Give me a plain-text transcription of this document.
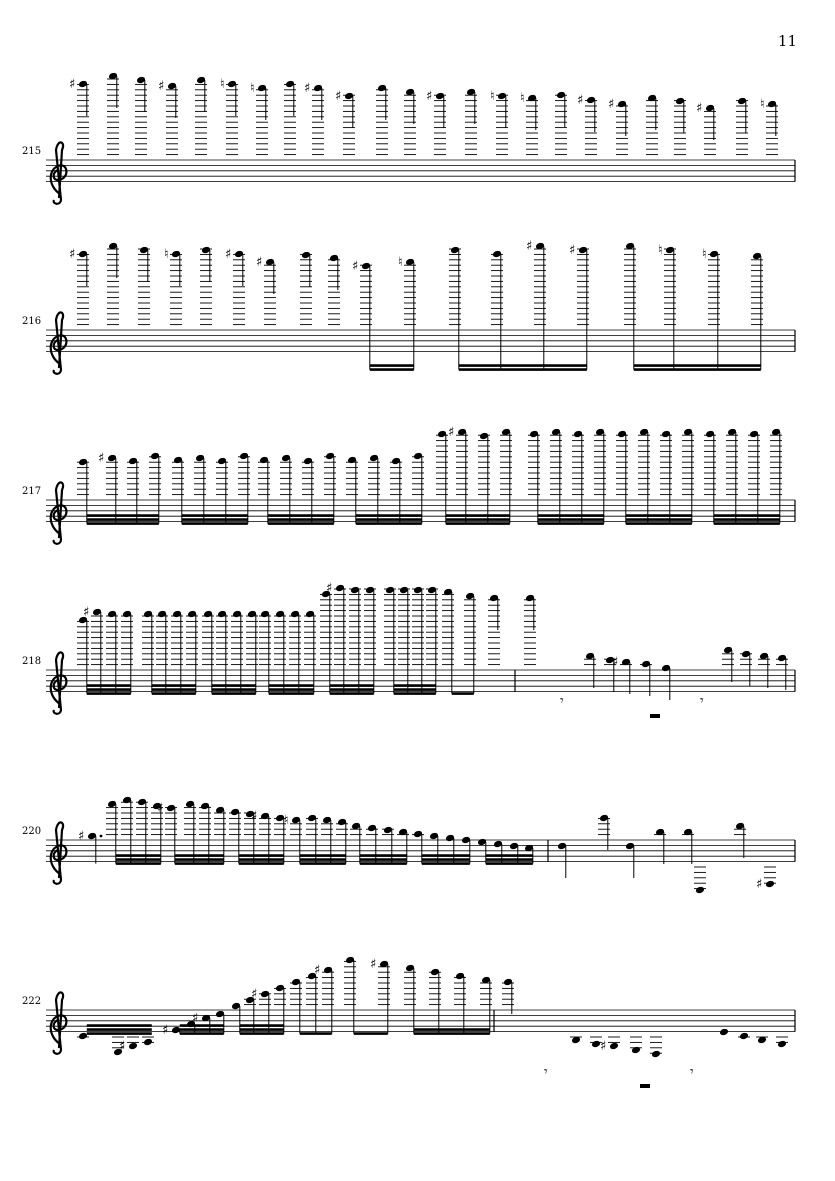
11
215
♯	♯	♮ ♮	♯
♯	♯	♮ ♮	♯ ♯	♯	♮
216
♯	♮	♯
♯	♯	♮
♯	♯	♮	♮
217
♯
♯
218
♯
♯
♯
𝄾	𝄾
220	♯
♯
♯ ♮
♯
222
♯
♯
♯
♯
♯	♯
♯
𝄾	𝄾
